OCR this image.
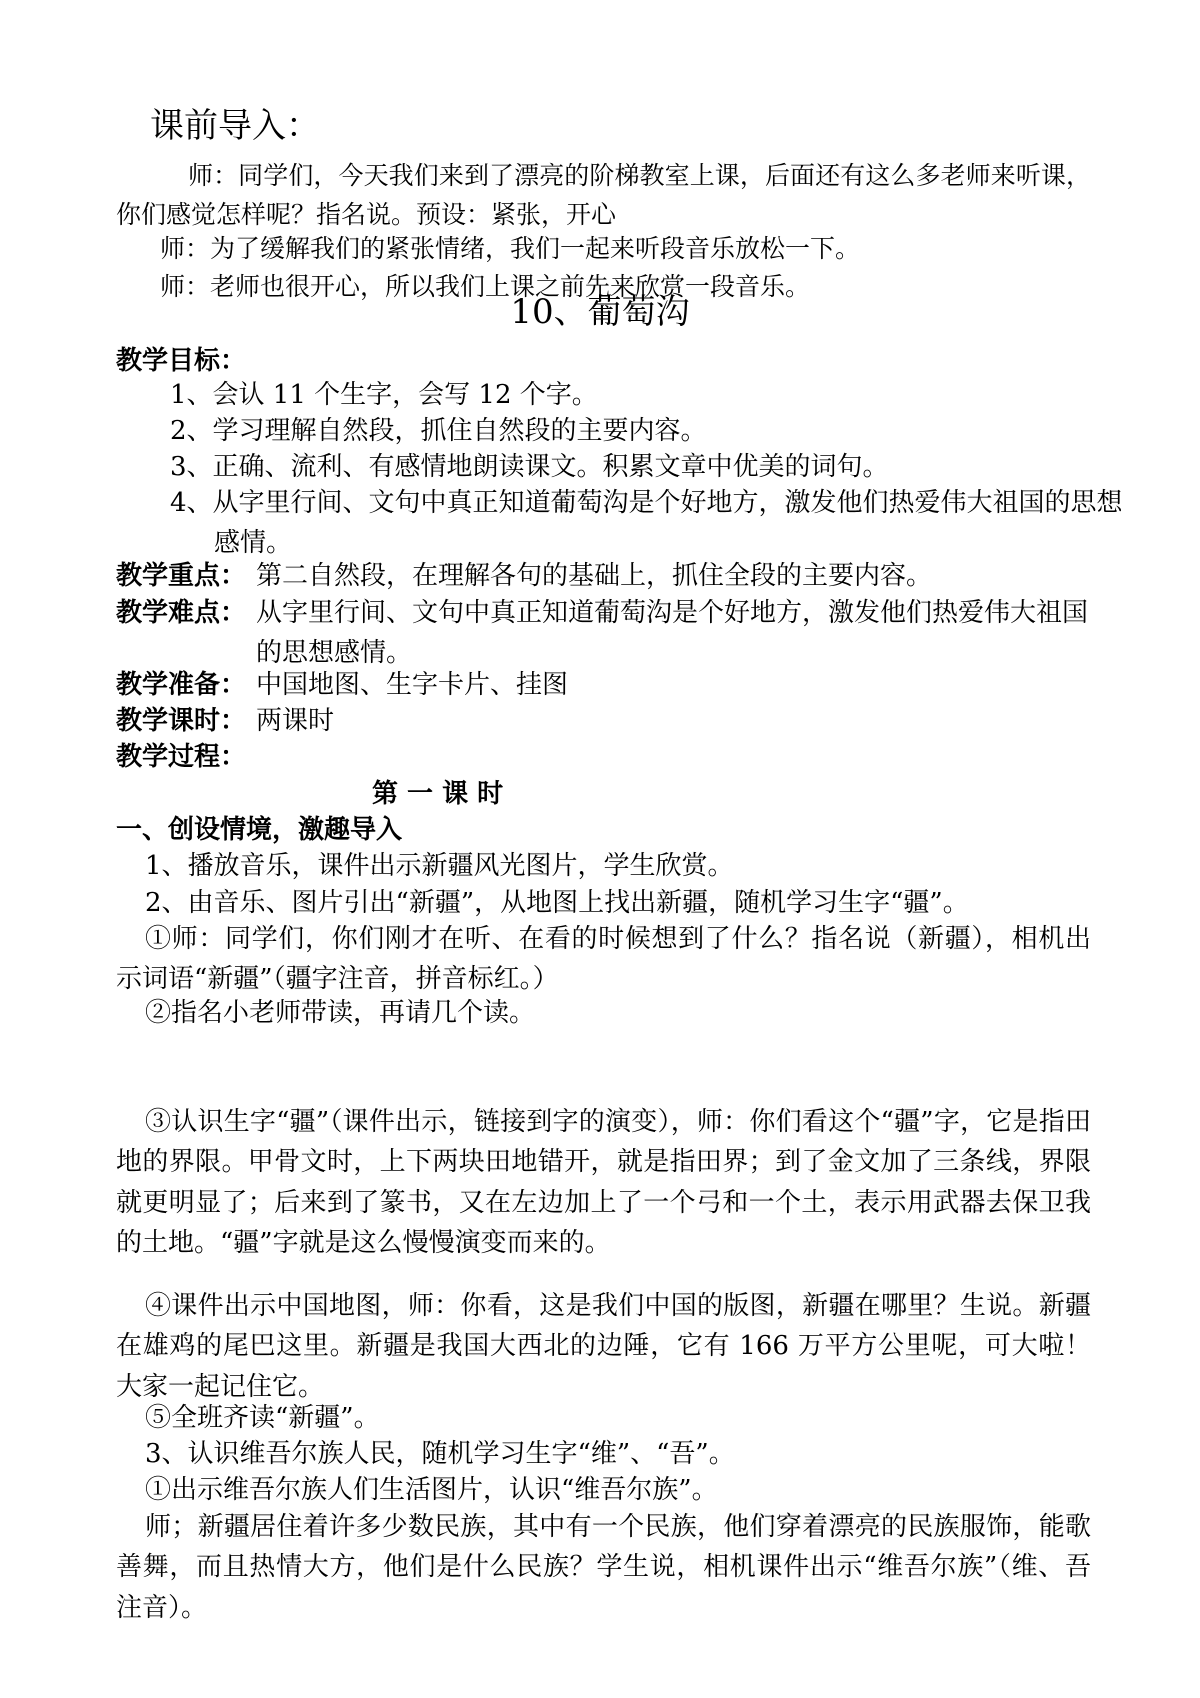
课前导入：
师：同学们，今天我们来到了漂亮的阶梯教室上课，后面还有这么多老师来听课，你们感觉怎样呢？指名说。预设：紧张，开心
师：为了缓解我们的紧张情绪，我们一起来听段音乐放松一下。
师：老师也很开心，所以我们上课之前先来欣赏一段音乐。
10、葡萄沟
教学目标：
1、会认 11 个生字，会写 12 个字。
2、学习理解自然段，抓住自然段的主要内容。
3、正确、流利、有感情地朗读课文。积累文章中优美的词句。
4、从字里行间、文句中真正知道葡萄沟是个好地方，激发他们热爱伟大祖国的思想感情。
教学重点： 第二自然段，在理解各句的基础上，抓住全段的主要内容。
教学难点： 从字里行间、文句中真正知道葡萄沟是个好地方，激发他们热爱伟大祖国的思想感情。
教学准备： 中国地图、生字卡片、挂图
教学课时： 两课时
教学过程：
第 一 课 时
一、创设情境，激趣导入
1、播放音乐，课件出示新疆风光图片，学生欣赏。
2、由音乐、图片引出“新疆”，从地图上找出新疆，随机学习生字“疆”。
①师：同学们，你们刚才在听、在看的时候想到了什么？指名说（新疆），相机出示词语“新疆”（疆字注音，拼音标红。）
②指名小老师带读，再请几个读。
③认识生字“疆”（课件出示，链接到字的演变），师：你们看这个“疆”字，它是指田地的界限。甲骨文时，上下两块田地错开，就是指田界；到了金文加了三条线，界限就更明显了；后来到了篆书，又在左边加上了一个弓和一个土，表示用武器去保卫我的土地。“疆”字就是这么慢慢演变而来的。
④课件出示中国地图，师：你看，这是我们中国的版图，新疆在哪里？生说。新疆在雄鸡的尾巴这里。新疆是我国大西北的边陲，它有 166 万平方公里呢，可大啦！大家一起记住它。
⑤全班齐读“新疆”。
3、认识维吾尔族人民，随机学习生字“维”、“吾”。
①出示维吾尔族人们生活图片，认识“维吾尔族”。
师；新疆居住着许多少数民族，其中有一个民族，他们穿着漂亮的民族服饰，能歌善舞，而且热情大方，他们是什么民族？学生说，相机课件出示“维吾尔族”（维、吾注音）。
